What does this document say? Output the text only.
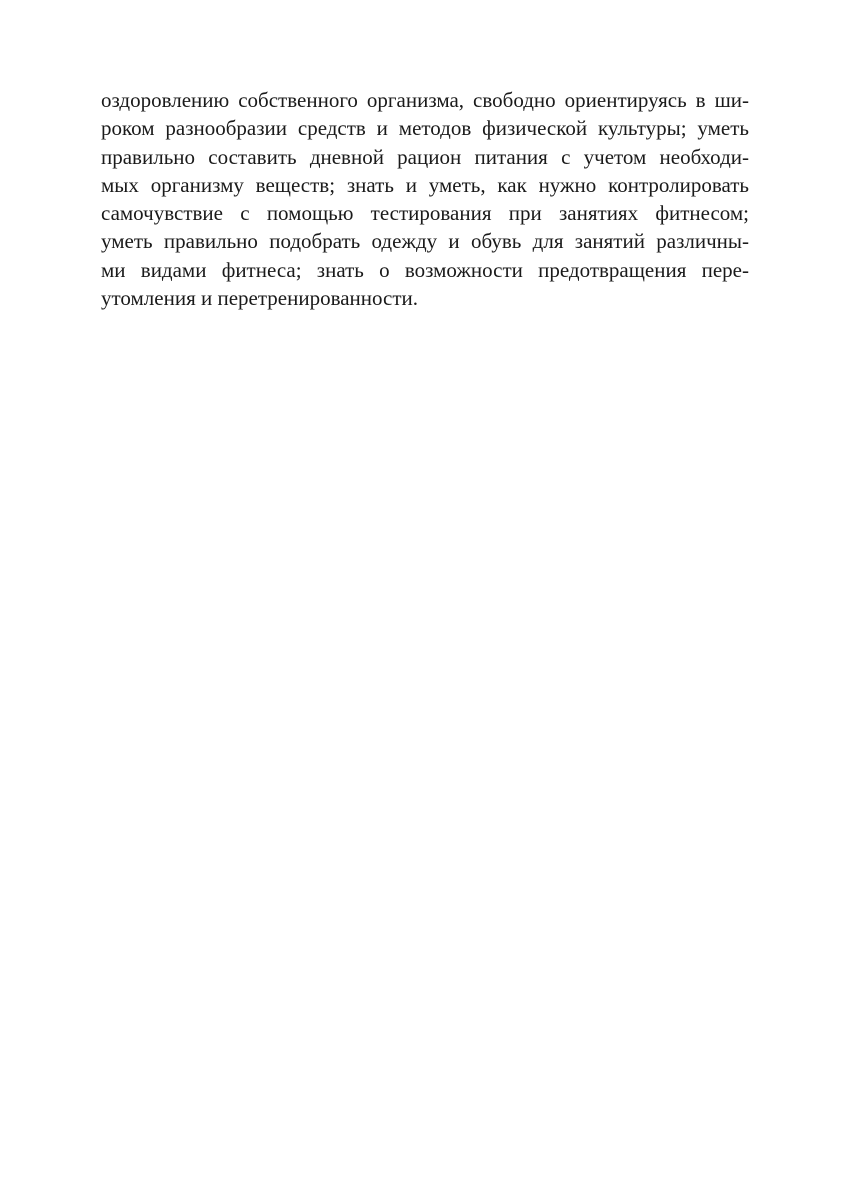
оздоровлению собственного организма, свободно ориентируясь в ши-
роком разнообразии средств и методов физической культуры; уметь
правильно составить дневной рацион питания с учетом необходи-
мых организму веществ; знать и уметь, как нужно контролировать
самочувствие с помощью тестирования при занятиях фитнесом;
уметь правильно подобрать одежду и обувь для занятий различны-
ми видами фитнеса; знать о возможности предотвращения пере-
утомления и перетренированности.
